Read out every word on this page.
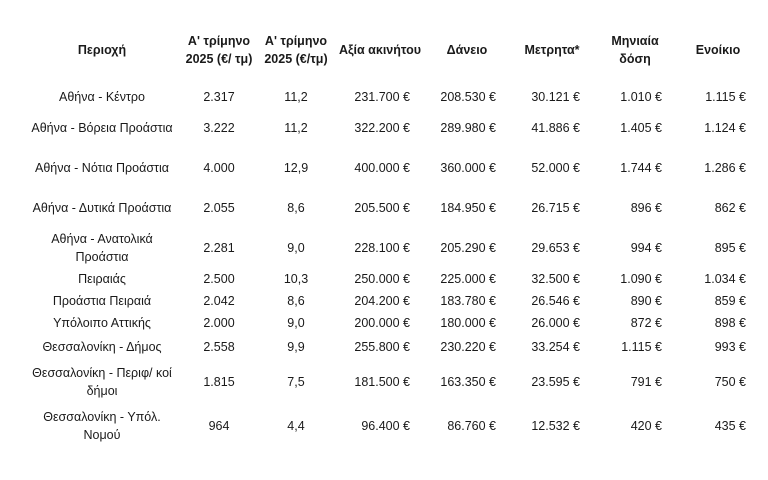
Περιοχή	Α' τρίμηνο 2025 (€/ τμ)	Α' τρίμηνο 2025 (€/τμ)	Αξία ακινήτου	Δάνειο	Μετρητα*	Μηνιαία δόση	Ενοίκιο
Αθήνα - Κέντρο	2.317	11,2	231.700 €	208.530 €	30.121 €	1.010 €	1.115 €
Αθήνα - Βόρεια Προάστια	3.222	11,2	322.200 €	289.980 €	41.886 €	1.405 €	1.124 €
Αθήνα - Νότια Προάστια	4.000	12,9	400.000 €	360.000 €	52.000 €	1.744 €	1.286 €
Αθήνα - Δυτικά Προάστια	2.055	8,6	205.500 €	184.950 €	26.715 €	896 €	862 €
Αθήνα - Ανατολικά Προάστια	2.281	9,0	228.100 €	205.290 €	29.653 €	994 €	895 €
Πειραιάς	2.500	10,3	250.000 €	225.000 €	32.500 €	1.090 €	1.034 €
Προάστια Πειραιά	2.042	8,6	204.200 €	183.780 €	26.546 €	890 €	859 €
Υπόλοιπο Αττικής	2.000	9,0	200.000 €	180.000 €	26.000 €	872 €	898 €
Θεσσαλονίκη - Δήμος	2.558	9,9	255.800 €	230.220 €	33.254 €	1.115 €	993 €
Θεσσαλονίκη - Περιφ/ κοί δήμοι	1.815	7,5	181.500 €	163.350 €	23.595 €	791 €	750 €
Θεσσαλονίκη - Υπόλ. Νομού	964	4,4	96.400 €	86.760 €	12.532 €	420 €	435 €
